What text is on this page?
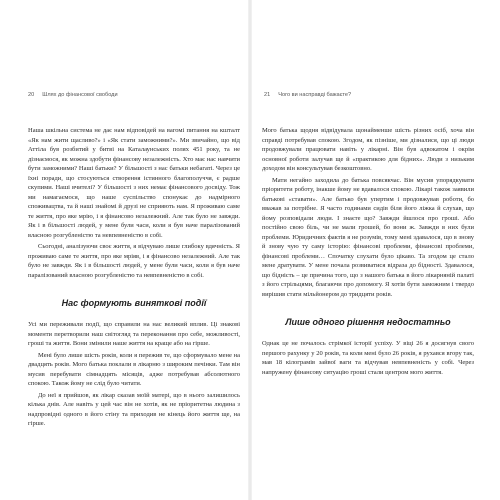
20 Шлях до фінансової свободи

Наша шкільна система не дає нам відповідей на вагомі питання на кшталт «Як нам жити щасливо?» і «Як стати заможними?». Ми звичайно, що від Аттіла був розбитий у битві на Каталаунських полях 451 року, та не дізнаємося, як можна здобути фінансову незалежність. Хто має нас навчити бути заможними? Наші батьки? У більшості з нас батьки небагаті. Через це їхні поради, що стосуються створення істинного благополуччя, є радше скупими. Наші вчителі? У більшості з них немає фінансового досвіду. Тож ми намагаємося, що наше суспільство спонукає до надмірного споживацтва, та й наші знайомі й друзі не сприяють нам. Я проживаю саме те життя, про яке мрію, і я фінансово незалежний. Але так було не завжди. Як і в більшості людей, у мене були часи, коли я був наче паралізований власною розгубленістю та невпевненістю в собі.

Сьогодні, аналізуючи своє життя, я відчуваю лише глибоку вдячність. Я проживаю саме те життя, про яке мріяв, і я фінансово незалежний. Але так було не завжди. Як і в більшості людей, у мене були часи, коли я був наче паралізований власною розгубленістю та невпевненістю в собі.

Нас формують винятковi подiї

Усі ми переживали події, що справили на нас великий вплив. Ці знакові моменти перетворили наш світогляд та переконання про себе, можливості, гроші та життя. Вони змінили наше життя на краще або на гірше.

Мені було лише шість років, коли я пережив те, що сформувало мене на двадцять років. Мого батька поклали в лікарню з широким печінки. Там він мусив перебувати сімнадцять місяців, адже потребував абсолютного спокою. Також йому не слід було читати.

До неї я прийшов, як лікар сказав моїй матері, що в нього залишилось кілька днів. Але навіть у цей час він не хотів, як не пріоритетна людина з надпровідні одного в його стіну та приходив не кінець його життя ще, на гірше.

21 Чого ви насправді бажаєте?

Мого батька щодня відвідувала щонайменше шість різних осіб, хоча він справді потребував спокою. Згодом, як пізніше, ми дізналися, що ці люди продовжували працювати навіть у лікарні. Він був адвокатом і окрім основної роботи залучав ще й «практикою для бідних». Люди з низьким доходом він консультував безкоштовно.

Мати негайно заходила до батька повсякчас. Він мусив упорядкувати пріоритети роботу, інакше йому не вдавалося спокою. Лікарі також заявили батькові «ставати». Але батько був упертим і продовжував роботи, бо вважав за потрібне. Я часто годинами сидів біля його ліжка й слухав, що йому розповідали люди. І знаєте що? Завжди йшлося про гроші. Або постійно свою біль, чи не мали грошей, бо вони ж. Завжди в них були проблеми. Юридичних фактів я не розумів, тому мені здавалося, що в знову й знову чую ту саму історію: фінансові проблеми, фінансові проблеми, фінансові проблеми… Спочатку слухати було цікаво. Та згодом це стало мене дратувати. У мене почала розвиватися відраза до бідності. Здавалося, що бідність – це причина того, що з нашого батька в його лікарняній палаті з його стрільцями, благаючи про допомогу. Я хотів бути заможним і твердо вирішив стати мільйонером до тридцяти років.

Лише одного рiшення недостатньо

Однак це не почалось стрімкої історії успіху. У віці 26 я досягнув свого першого рахунку у 20 років, та коли мені було 26 років, я рухався вгору так, мав 18 кілограмів зайвої ваги та відчував невпевненість у собі. Через напружену фінансову ситуацію гроші стали центром мого життя.
